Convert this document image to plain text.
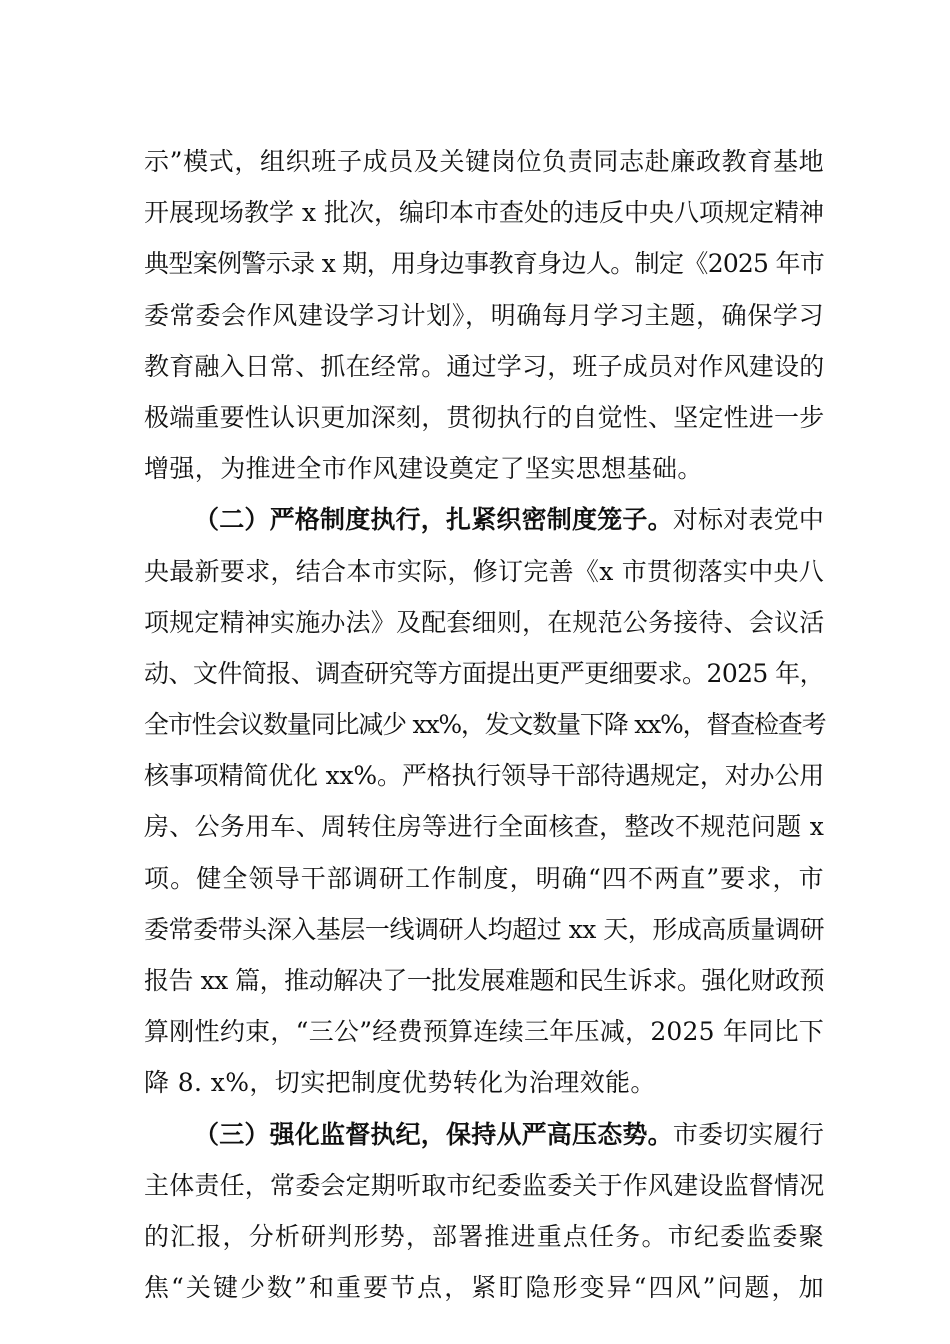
示”模式，组织班子成员及关键岗位负责同志赴廉政教育基地
开展现场教学 x 批次，编印本市查处的违反中央八项规定精神
典型案例警示录 x 期，用身边事教育身边人。制定《2025 年市
委常委会作风建设学习计划》，明确每月学习主题，确保学习
教育融入日常、抓在经常。通过学习，班子成员对作风建设的
极端重要性认识更加深刻，贯彻执行的自觉性、坚定性进一步
增强，为推进全市作风建设奠定了坚实思想基础。
（二）严格制度执行，扎紧织密制度笼子。对标对表党中
央最新要求，结合本市实际，修订完善《x 市贯彻落实中央八
项规定精神实施办法》及配套细则，在规范公务接待、会议活
动、文件简报、调查研究等方面提出更严更细要求。2025 年，
全市性会议数量同比减少 xx%，发文数量下降 xx%，督查检查考
核事项精简优化 xx%。严格执行领导干部待遇规定，对办公用
房、公务用车、周转住房等进行全面核查，整改不规范问题 x
项。健全领导干部调研工作制度，明确“四不两直”要求，市
委常委带头深入基层一线调研人均超过 xx 天，形成高质量调研
报告 xx 篇，推动解决了一批发展难题和民生诉求。强化财政预
算刚性约束，“三公”经费预算连续三年压减，2025 年同比下
降 8. x%，切实把制度优势转化为治理效能。
（三）强化监督执纪，保持从严高压态势。市委切实履行
主体责任，常委会定期听取市纪委监委关于作风建设监督情况
的汇报，分析研判形势，部署推进重点任务。市纪委监委聚
焦“关键少数”和重要节点，紧盯隐形变异“四风”问题，加
